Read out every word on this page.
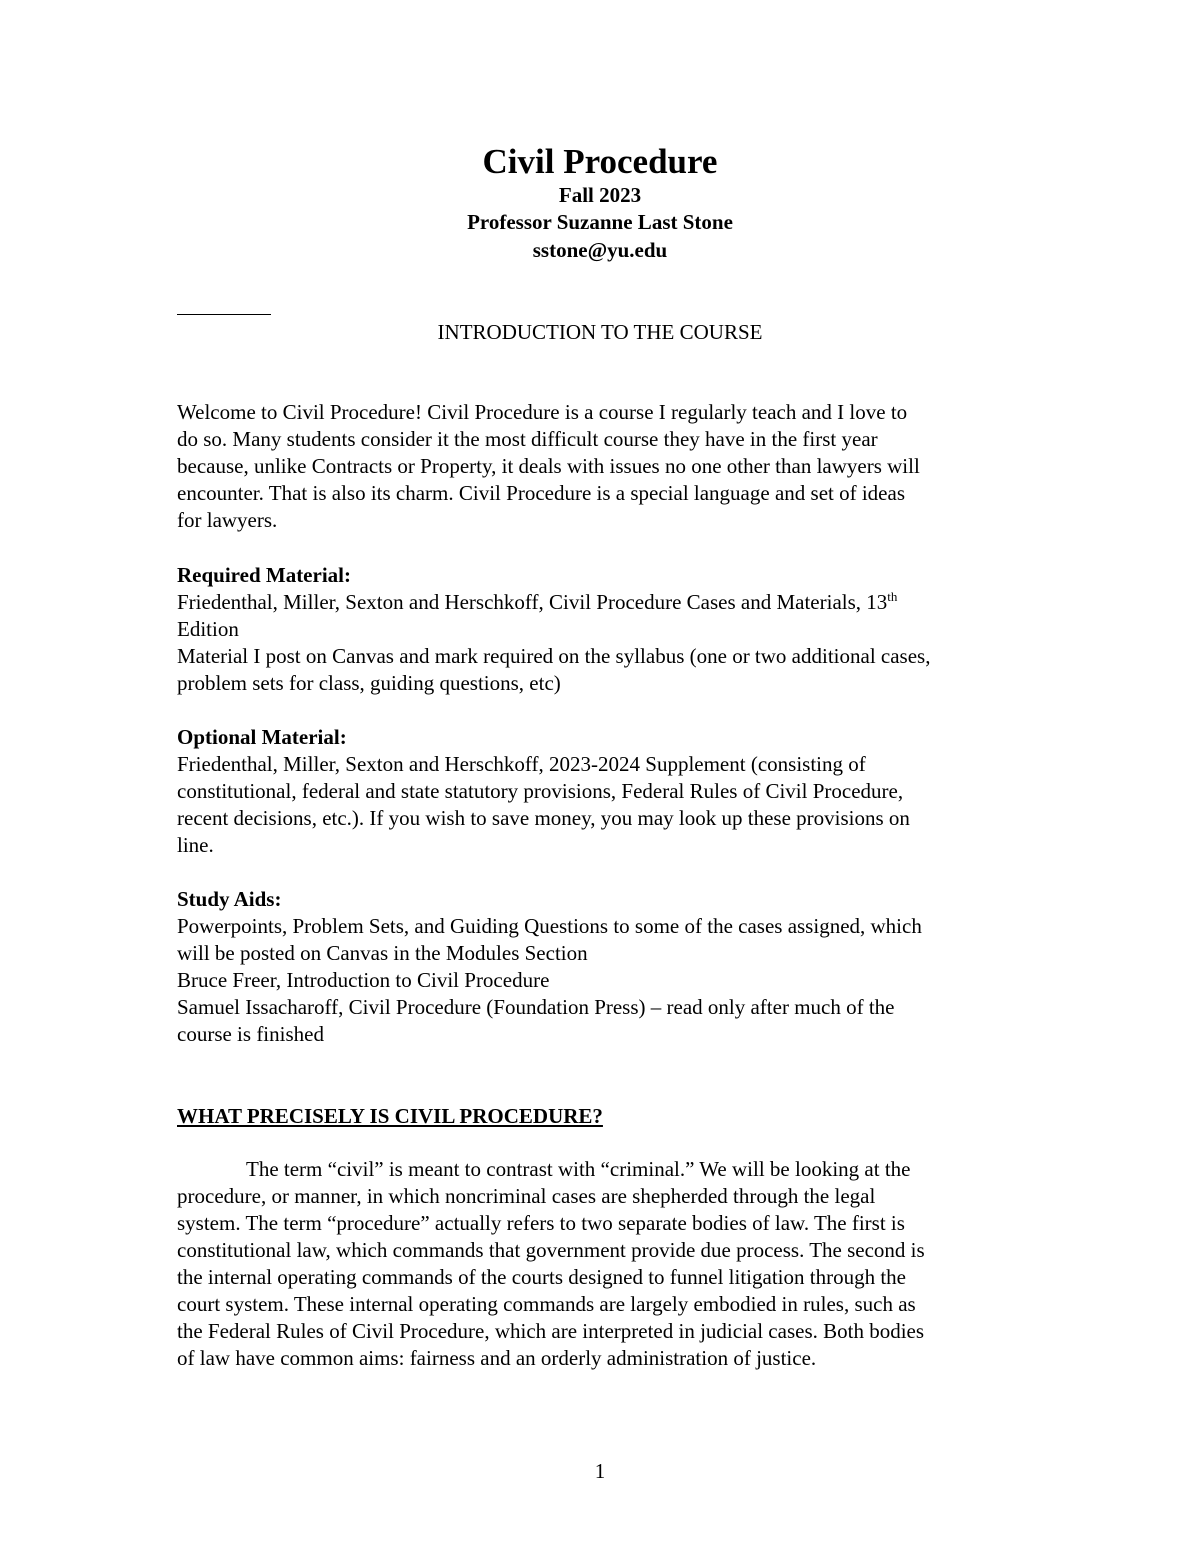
Civil Procedure
Fall 2023
Professor Suzanne Last Stone
sstone@yu.edu
INTRODUCTION TO THE COURSE

Welcome to Civil Procedure! Civil Procedure is a course I regularly teach and I love to
do so. Many students consider it the most difficult course they have in the first year
because, unlike Contracts or Property, it deals with issues no one other than lawyers will
encounter. That is also its charm. Civil Procedure is a special language and set of ideas
for lawyers.

Required Material:
Friedenthal, Miller, Sexton and Herschkoff, Civil Procedure Cases and Materials, 13th
Edition
Material I post on Canvas and mark required on the syllabus (one or two additional cases,
problem sets for class, guiding questions, etc)
Optional Material:
Friedenthal, Miller, Sexton and Herschkoff, 2023-2024 Supplement (consisting of
constitutional, federal and state statutory provisions, Federal Rules of Civil Procedure,
recent decisions, etc.). If you wish to save money, you may look up these provisions on
line.
Study Aids:
Powerpoints, Problem Sets, and Guiding Questions to some of the cases assigned, which
will be posted on Canvas in the Modules Section
Bruce Freer, Introduction to Civil Procedure
Samuel Issacharoff, Civil Procedure (Foundation Press) – read only after much of the
course is finished
WHAT PRECISELY IS CIVIL PROCEDURE?

The term “civil” is meant to contrast with “criminal.” We will be looking at the
procedure, or manner, in which noncriminal cases are shepherded through the legal
system. The term “procedure” actually refers to two separate bodies of law. The first is
constitutional law, which commands that government provide due process. The second is
the internal operating commands of the courts designed to funnel litigation through the
court system. These internal operating commands are largely embodied in rules, such as
the Federal Rules of Civil Procedure, which are interpreted in judicial cases. Both bodies
of law have common aims: fairness and an orderly administration of justice.

1
